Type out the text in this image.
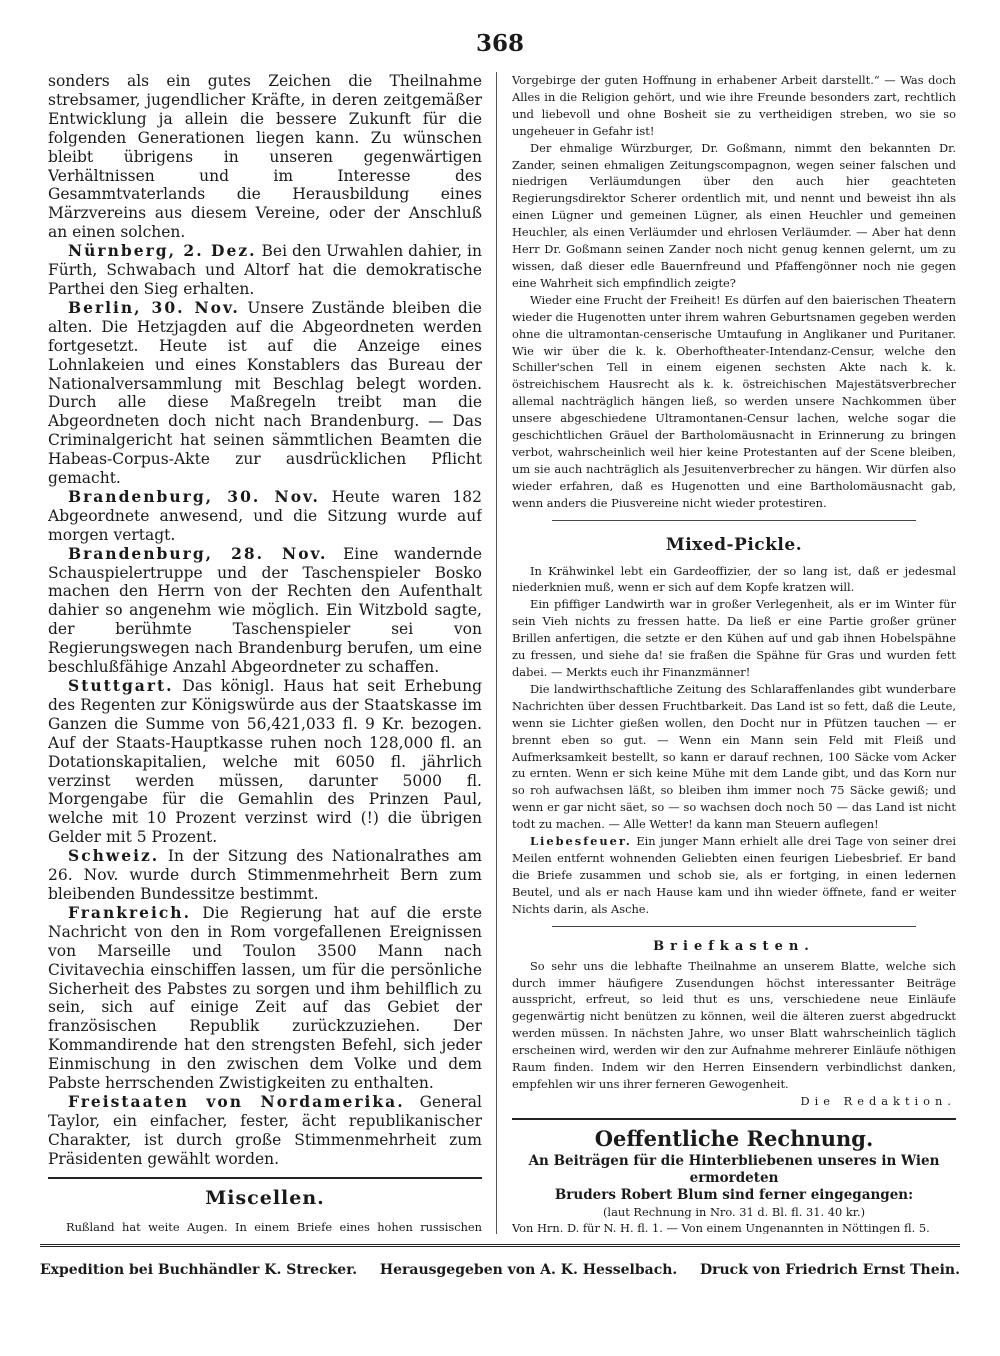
368

sonders als ein gutes Zeichen die Theilnahme strebsamer, jugendlicher Kräfte, in deren zeitgemäßer Entwicklung ja allein die bessere Zukunft für die folgenden Generationen liegen kann. Zu wünschen bleibt übrigens in unseren gegenwärtigen Verhältnissen und im Interesse des Gesammtvaterlands die Herausbildung eines Märzvereins aus diesem Vereine, oder der Anschluß an einen solchen.

Nürnberg, 2. Dez. Bei den Urwahlen dahier, in Fürth, Schwabach und Altorf hat die demokratische Parthei den Sieg erhalten.

Berlin, 30. Nov. Unsere Zustände bleiben die alten. Die Hetzjagden auf die Abgeordneten werden fortgesetzt. Heute ist auf die Anzeige eines Lohnlakeien und eines Konstablers das Bureau der Nationalversammlung mit Beschlag belegt worden. Durch alle diese Maßregeln treibt man die Abgeordneten doch nicht nach Brandenburg. — Das Criminalgericht hat seinen sämmtlichen Beamten die Habeas-Corpus-Akte zur ausdrücklichen Pflicht gemacht.

Brandenburg, 30. Nov. Heute waren 182 Abgeordnete anwesend, und die Sitzung wurde auf morgen vertagt.

Brandenburg, 28. Nov. Eine wandernde Schauspielertruppe und der Taschenspieler Bosko machen den Herrn von der Rechten den Aufenthalt dahier so angenehm wie möglich. Ein Witzbold sagte, der berühmte Taschenspieler sei von Regierungswegen nach Brandenburg berufen, um eine beschlußfähige Anzahl Abgeordneter zu schaffen.

Stuttgart. Das königl. Haus hat seit Erhebung des Regenten zur Königswürde aus der Staatskasse im Ganzen die Summe von 56,421,033 fl. 9 Kr. bezogen. Auf der Staats-Hauptkasse ruhen noch 128,000 fl. an Dotationskapitalien, welche mit 6050 fl. jährlich verzinst werden müssen, darunter 5000 fl. Morgengabe für die Gemahlin des Prinzen Paul, welche mit 10 Prozent verzinst wird (!) die übrigen Gelder mit 5 Prozent.

Schweiz. In der Sitzung des Nationalrathes am 26. Nov. wurde durch Stimmenmehrheit Bern zum bleibenden Bundessitze bestimmt.

Frankreich. Die Regierung hat auf die erste Nachricht von den in Rom vorgefallenen Ereignissen von Marseille und Toulon 3500 Mann nach Civitavechia einschiffen lassen, um für die persönliche Sicherheit des Pabstes zu sorgen und ihm behilflich zu sein, sich auf einige Zeit auf das Gebiet der französischen Republik zurückzuziehen. Der Kommandirende hat den strengsten Befehl, sich jeder Einmischung in den zwischen dem Volke und dem Pabste herrschenden Zwistigkeiten zu enthalten.

Freistaaten von Nordamerika. General Taylor, ein einfacher, fester, ächt republikanischer Charakter, ist durch große Stimmenmehrheit zum Präsidenten gewählt worden.

Miscellen.

Rußland hat weite Augen. In einem Briefe eines hohen russischen

Vorgebirge der guten Hoffnung in erhabener Arbeit darstellt.“ — Was doch Alles in die Religion gehört, und wie ihre Freunde besonders zart, rechtlich und liebevoll und ohne Bosheit sie zu vertheidigen streben, wo sie so ungeheuer in Gefahr ist!

Der ehmalige Würzburger, Dr. Goßmann, nimmt den bekannten Dr. Zander, seinen ehmaligen Zeitungscompagnon, wegen seiner falschen und niedrigen Verläumdungen über den auch hier geachteten Regierungsdirektor Scherer ordentlich mit, und nennt und beweist ihn als einen Lügner und gemeinen Lügner, als einen Heuchler und gemeinen Heuchler, als einen Verläumder und ehrlosen Verläumder. — Aber hat denn Herr Dr. Goßmann seinen Zander noch nicht genug kennen gelernt, um zu wissen, daß dieser edle Bauernfreund und Pfaffengönner noch nie gegen eine Wahrheit sich empfindlich zeigte?

Wieder eine Frucht der Freiheit! Es dürfen auf den baierischen Theatern wieder die Hugenotten unter ihrem wahren Geburtsnamen gegeben werden ohne die ultramontan-censerische Umtaufung in Anglikaner und Puritaner. Wie wir über die k. k. Oberhoftheater-Intendanz-Censur, welche den Schiller'schen Tell in einem eigenen sechsten Akte nach k. k. östreichischem Hausrecht als k. k. östreichischen Majestätsverbrecher allemal nachträglich hängen ließ, so werden unsere Nachkommen über unsere abgeschiedene Ultramontanen-Censur lachen, welche sogar die geschichtlichen Gräuel der Bartholomäusnacht in Erinnerung zu bringen verbot, wahrscheinlich weil hier keine Protestanten auf der Scene bleiben, um sie auch nachträglich als Jesuitenverbrecher zu hängen. Wir dürfen also wieder erfahren, daß es Hugenotten und eine Bartholomäusnacht gab, wenn anders die Piusvereine nicht wieder protestiren.

Mixed-Pickle.

In Krähwinkel lebt ein Gardeoffizier, der so lang ist, daß er jedesmal niederknien muß, wenn er sich auf dem Kopfe kratzen will.

Ein pfiffiger Landwirth war in großer Verlegenheit, als er im Winter für sein Vieh nichts zu fressen hatte. Da ließ er eine Partie großer grüner Brillen anfertigen, die setzte er den Kühen auf und gab ihnen Hobelspähne zu fressen, und siehe da! sie fraßen die Spähne für Gras und wurden fett dabei. — Merkts euch ihr Finanzmänner!

Die landwirthschaftliche Zeitung des Schlaraffenlandes gibt wunderbare Nachrichten über dessen Fruchtbarkeit. Das Land ist so fett, daß die Leute, wenn sie Lichter gießen wollen, den Docht nur in Pfützen tauchen — er brennt eben so gut. — Wenn ein Mann sein Feld mit Fleiß und Aufmerksamkeit bestellt, so kann er darauf rechnen, 100 Säcke vom Acker zu ernten. Wenn er sich keine Mühe mit dem Lande gibt, und das Korn nur so roh aufwachsen läßt, so bleiben ihm immer noch 75 Säcke gewiß; und wenn er gar nicht säet, so — so wachsen doch noch 50 — das Land ist nicht todt zu machen. — Alle Wetter! da kann man Steuern auflegen!

Liebesfeuer. Ein junger Mann erhielt alle drei Tage von seiner drei Meilen entfernt wohnenden Geliebten einen feurigen Liebesbrief. Er band die Briefe zusammen und schob sie, als er fortging, in einen ledernen Beutel, und als er nach Hause kam und ihn wieder öffnete, fand er weiter Nichts darin, als Asche.

Briefkasten.

So sehr uns die lebhafte Theilnahme an unserem Blatte, welche sich durch immer häufigere Zusendungen höchst interessanter Beiträge ausspricht, erfreut, so leid thut es uns, verschiedene neue Einläufe gegenwärtig nicht benützen zu können, weil die älteren zuerst abgedruckt werden müssen. In nächsten Jahre, wo unser Blatt wahrscheinlich täglich erscheinen wird, werden wir den zur Aufnahme mehrerer Einläufe nöthigen Raum finden. Indem wir den Herren Einsendern verbindlichst danken, empfehlen wir uns ihrer ferneren Gewogenheit.

Die Redaktion.

Oeffentliche Rechnung.

An Beiträgen für die Hinterbliebenen unseres in Wien ermordeten

Bruders Robert Blum sind ferner eingegangen:

(laut Rechnung in Nro. 31 d. Bl. fl. 31. 40 kr.)

Von Hrn. D. für N. H. fl. 1. — Von einem Ungenannten in Nöttingen fl. 5.

Expedition bei Buchhändler K. Strecker. Herausgegeben von A. K. Hesselbach. Druck von Friedrich Ernst Thein.
